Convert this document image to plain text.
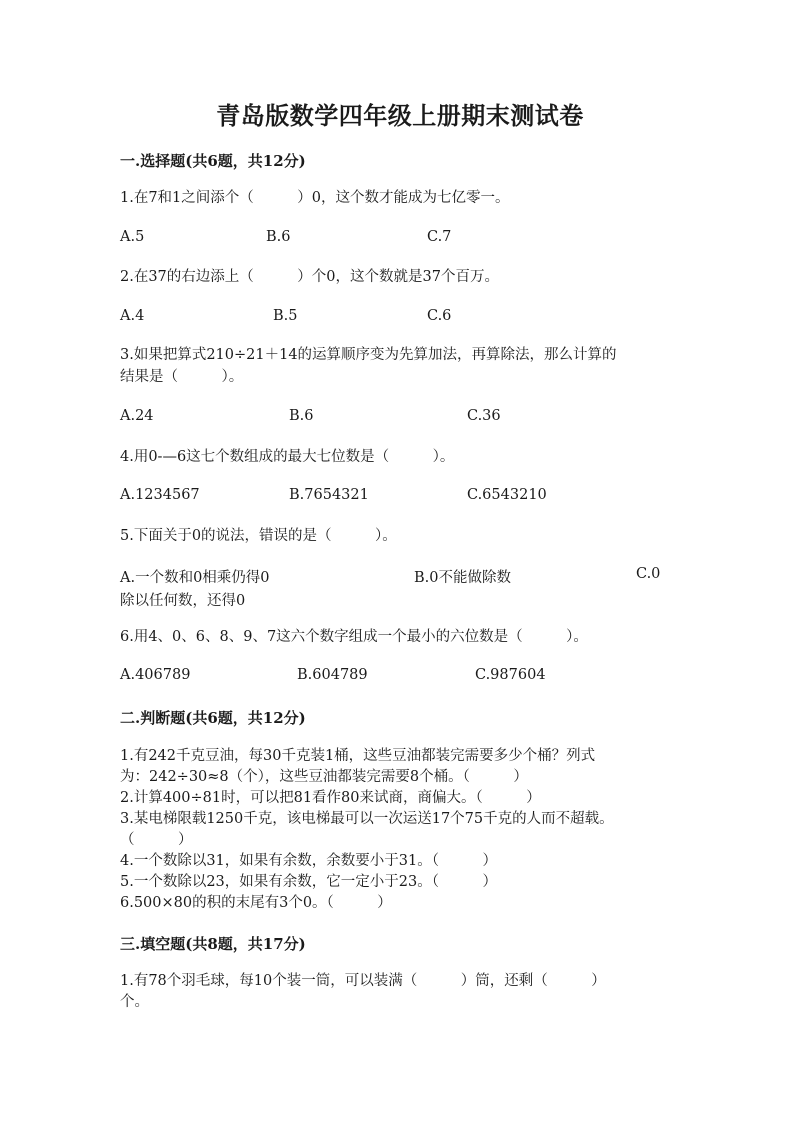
青岛版数学四年级上册期末测试卷
一.选择题(共6题，共12分)
1.在7和1之间添个（　　　）0，这个数才能成为七亿零一。
A.5	B.6	C.7
2.在37的右边添上（　　　）个0，这个数就是37个百万。
A.4	B.5	C.6
3.如果把算式210÷21＋14的运算顺序变为先算加法，再算除法，那么计算的
结果是（　　　）。
A.24	B.6	C.36
4.用0-—6这七个数组成的最大七位数是（　　　）。
A.1234567	B.7654321	C.6543210
5.下面关于0的说法，错误的是（　　　）。
A.一个数和0相乘仍得0	B.0不能做除数	C.0
除以任何数，还得0
6.用4、0、6、8、9、7这六个数字组成一个最小的六位数是（　　　）。
A.406789	B.604789	C.987604
二.判断题(共6题，共12分)
1.有242千克豆油，每30千克装1桶，这些豆油都装完需要多少个桶？列式
为：242÷30≈8（个），这些豆油都装完需要8个桶。（　　　）
2.计算400÷81时，可以把81看作80来试商，商偏大。（　　　）
3.某电梯限载1250千克，该电梯最可以一次运送17个75千克的人而不超载。
（　　　）
4.一个数除以31，如果有余数，余数要小于31。（　　　）
5.一个数除以23，如果有余数，它一定小于23。（　　　）
6.500×80的积的末尾有3个0。（　　　）
三.填空题(共8题，共17分)
1.有78个羽毛球，每10个装一筒，可以装满（　　　）筒，还剩（　　　）
个。
